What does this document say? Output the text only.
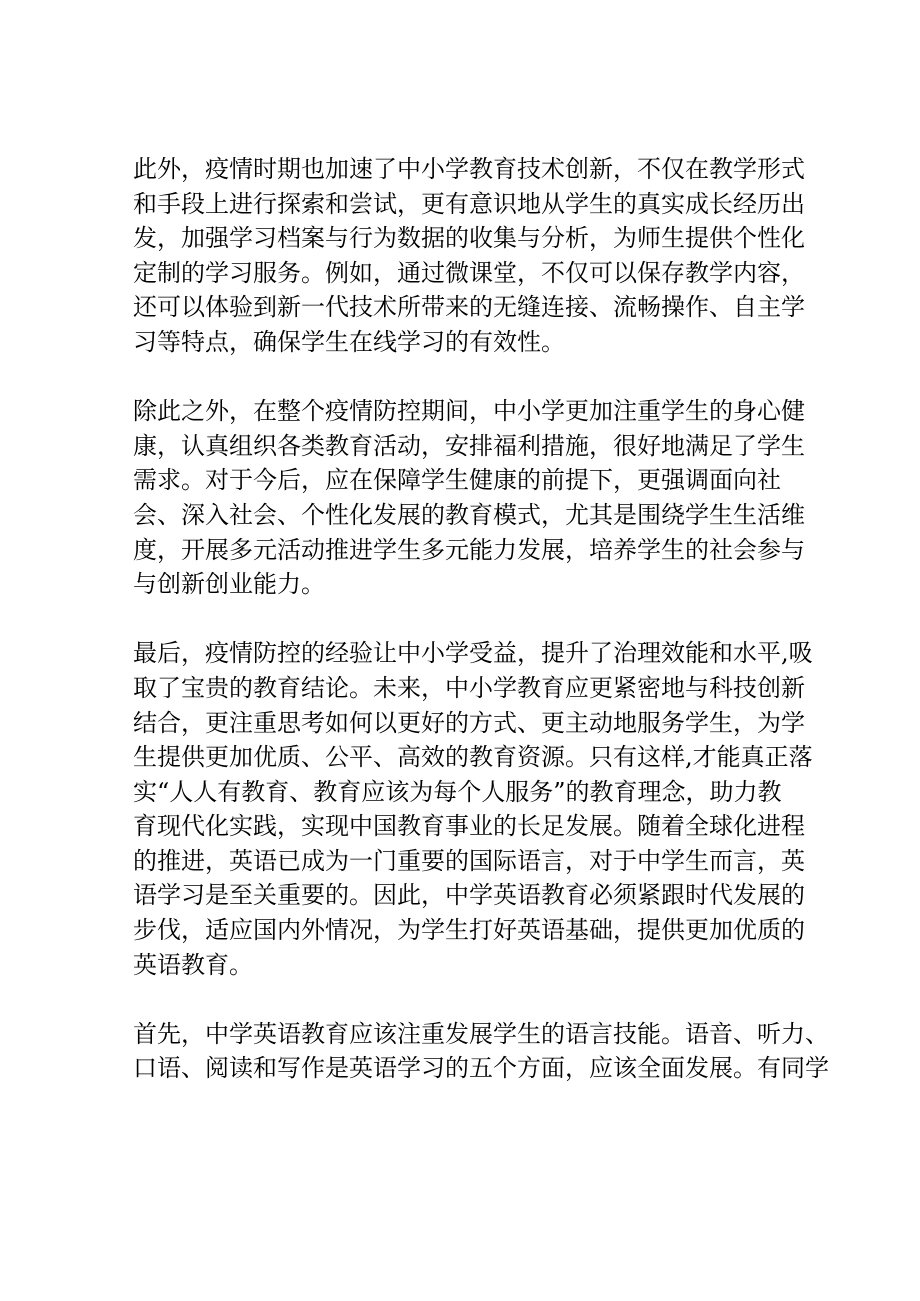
此外，疫情时期也加速了中小学教育技术创新，不仅在教学形式
和手段上进行探索和尝试，更有意识地从学生的真实成长经历出
发，加强学习档案与行为数据的收集与分析，为师生提供个性化
定制的学习服务。例如，通过微课堂，不仅可以保存教学内容，
还可以体验到新一代技术所带来的无缝连接、流畅操作、自主学
习等特点，确保学生在线学习的有效性。

除此之外，在整个疫情防控期间，中小学更加注重学生的身心健
康，认真组织各类教育活动，安排福利措施，很好地满足了学生
需求。对于今后，应在保障学生健康的前提下，更强调面向社
会、深入社会、个性化发展的教育模式，尤其是围绕学生生活维
度，开展多元活动推进学生多元能力发展，培养学生的社会参与
与创新创业能力。

最后，疫情防控的经验让中小学受益，提升了治理效能和水平,吸
取了宝贵的教育结论。未来，中小学教育应更紧密地与科技创新
结合，更注重思考如何以更好的方式、更主动地服务学生，为学
生提供更加优质、公平、高效的教育资源。只有这样,才能真正落
实“人人有教育、教育应该为每个人服务”的教育理念，助力教
育现代化实践，实现中国教育事业的长足发展。随着全球化进程
的推进，英语已成为一门重要的国际语言，对于中学生而言，英
语学习是至关重要的。因此，中学英语教育必须紧跟时代发展的
步伐，适应国内外情况，为学生打好英语基础，提供更加优质的
英语教育。

首先，中学英语教育应该注重发展学生的语言技能。语音、听力、
口语、阅读和写作是英语学习的五个方面，应该全面发展。有同学
